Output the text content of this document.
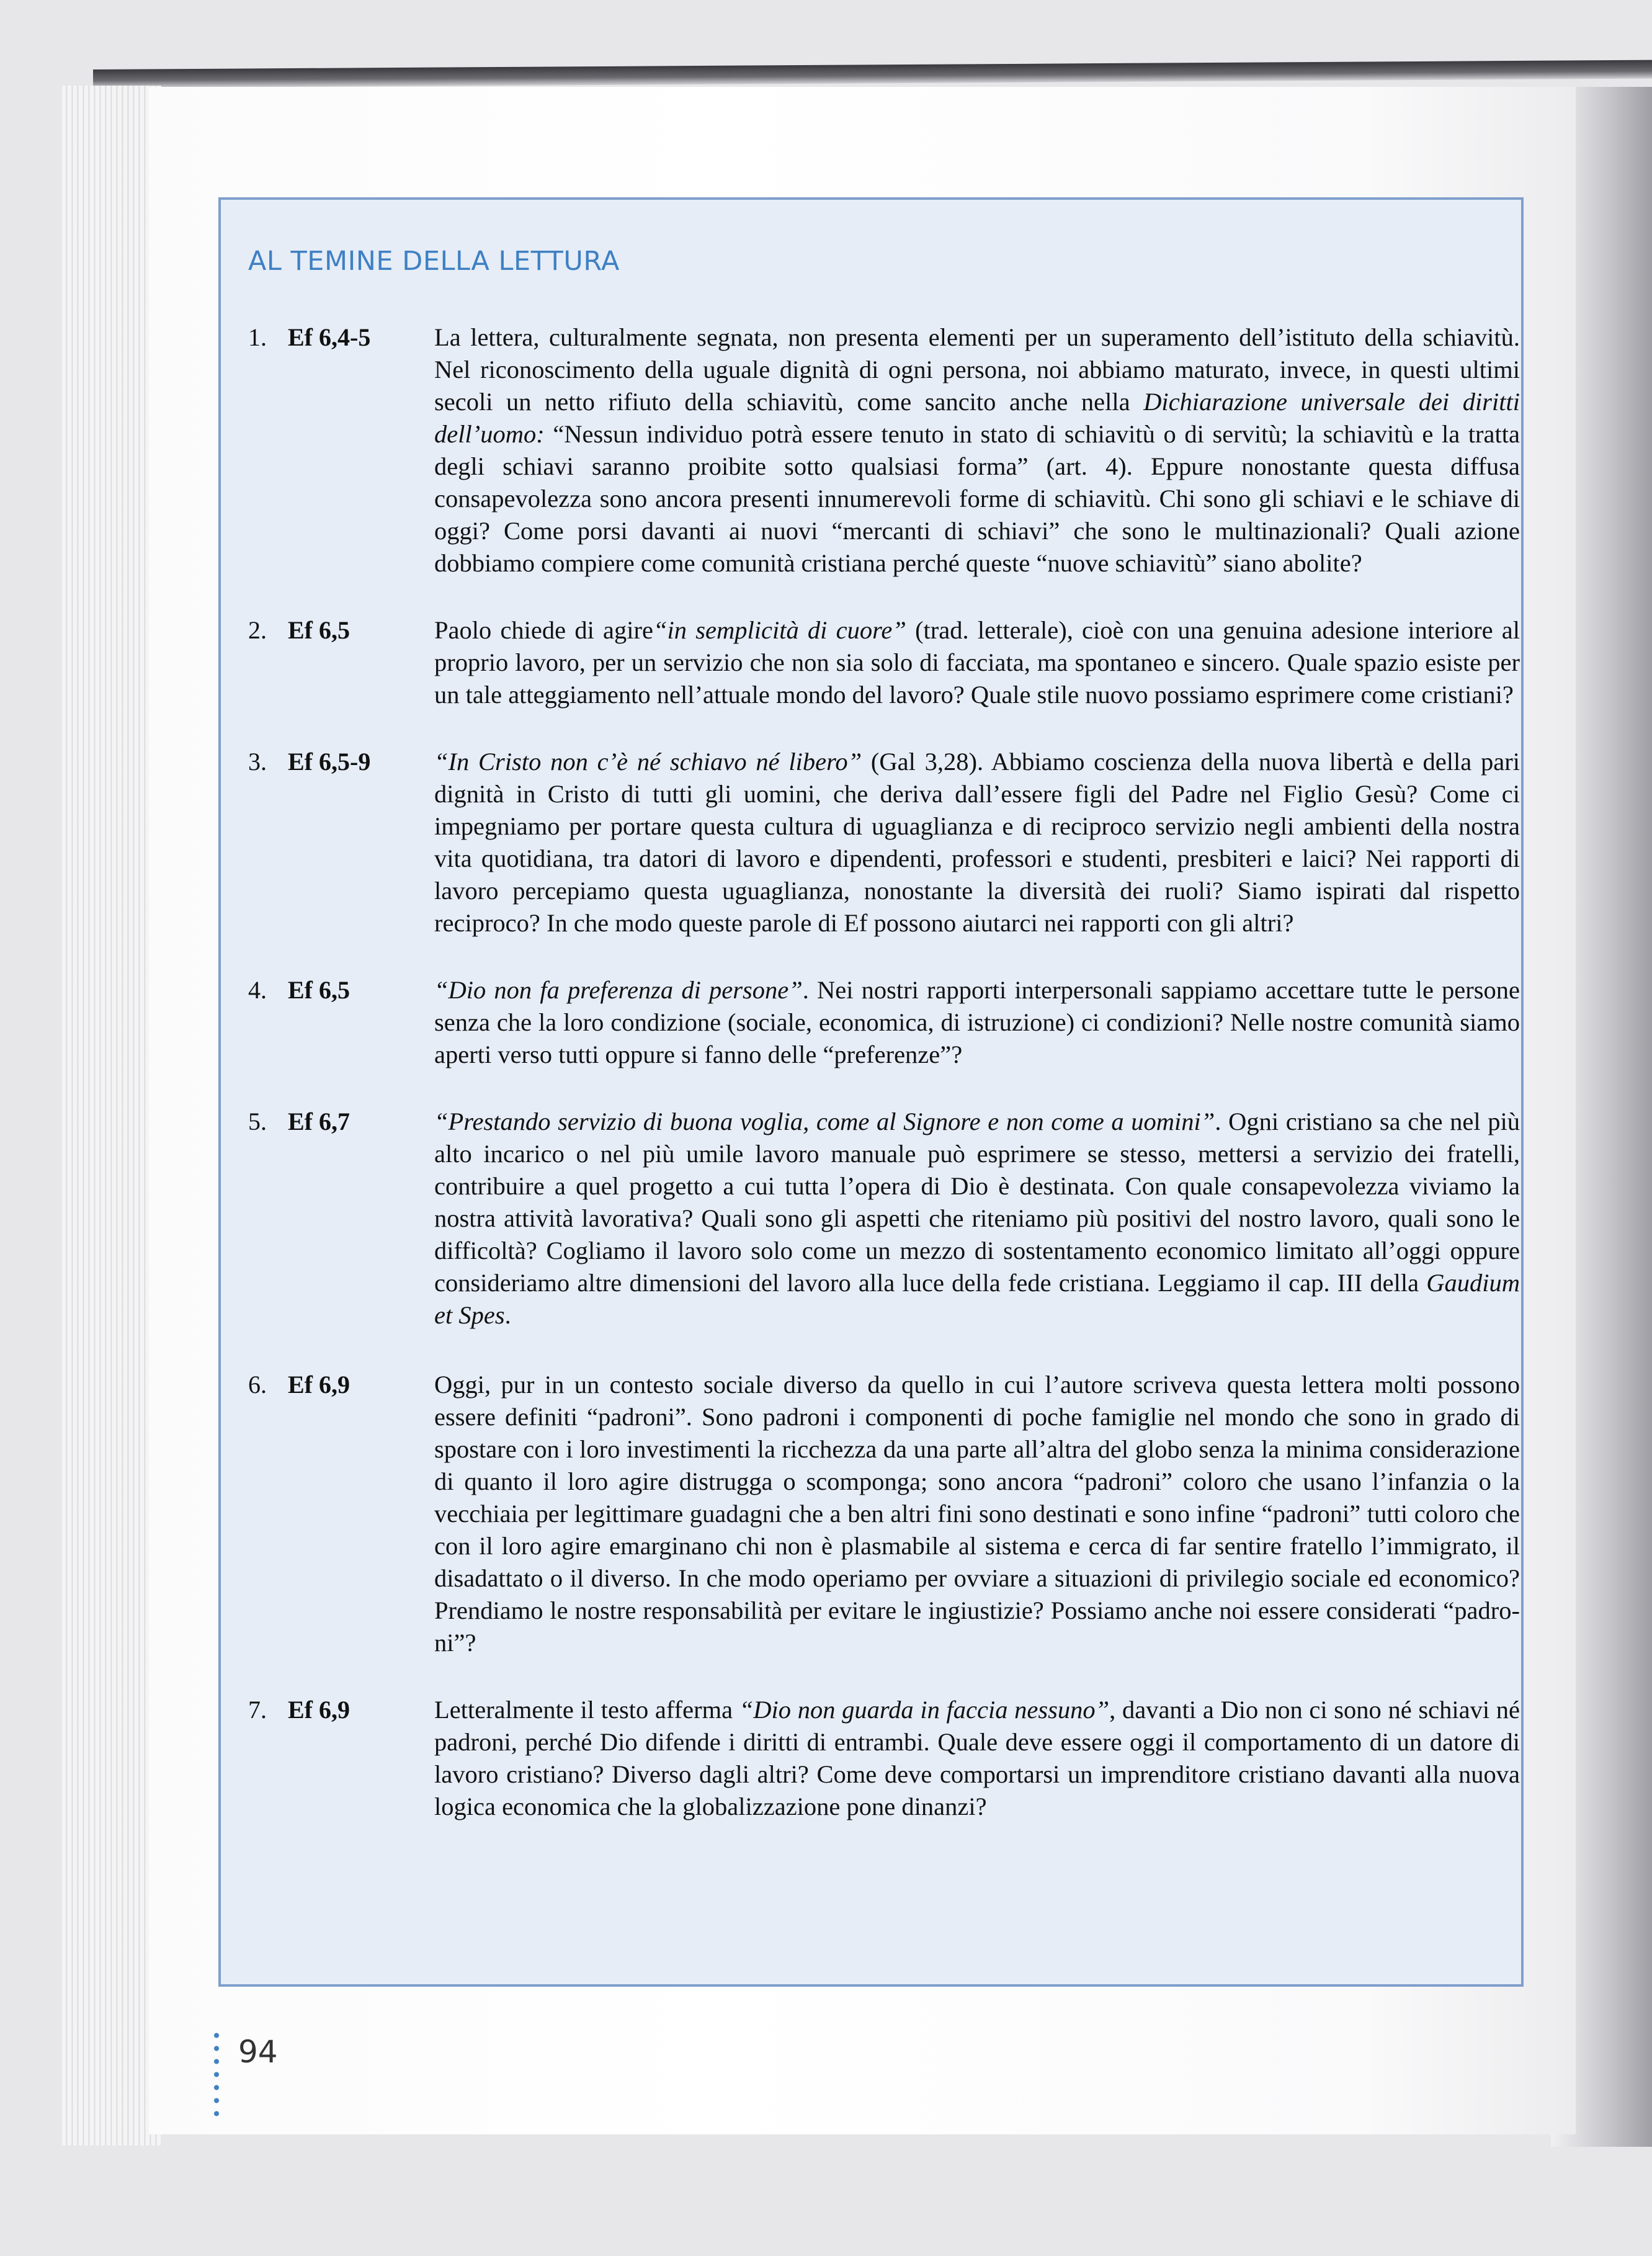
AL TEMINE DELLA LETTURA
1. Ef 6,4-5	La lettera, culturalmente segnata, non presenta elementi per un superamento dell’istituto della schiavitù. Nel riconoscimento della uguale dignità di ogni persona, noi abbiamo maturato, invece, in questi ultimi secoli un netto rifiuto della schiavitù, come sancito anche nella Dichiarazione universale dei diritti dell’uomo: “Nessun individuo potrà essere tenuto in stato di schiavitù o di servitù; la schiavitù e la tratta degli schiavi saranno proibite sotto qualsiasi forma” (art. 4). Eppure nonostante questa diffusa consapevolezza sono ancora presenti innumerevoli forme di schiavitù. Chi sono gli schiavi e le schiave di oggi? Come porsi davanti ai nuovi “mercanti di schiavi” che sono le multinazionali? Quali azione dobbiamo compiere come comunità cristiana perché queste “nuove schiavitù” siano abolite?

2. Ef 6,5	Paolo chiede di agire“in semplicità di cuore” (trad. letterale), cioè con una genuina adesione interiore al proprio lavoro, per un servizio che non sia solo di facciata, ma spontaneo e sincero. Quale spazio esiste per un tale atteggiamento nell’attuale mondo del lavoro? Quale stile nuovo possiamo esprimere come cristiani?

3. Ef 6,5-9	“In Cristo non c’è né schiavo né libero” (Gal 3,28). Abbiamo coscienza della nuova libertà e della pari dignità in Cristo di tutti gli uomini, che deriva dall’essere figli del Padre nel Figlio Gesù? Come ci impegniamo per portare questa cultura di uguaglianza e di reciproco servizio negli ambienti della nostra vita quotidiana, tra datori di lavoro e dipendenti, professori e studenti, presbiteri e laici? Nei rapporti di lavoro percepiamo questa uguaglianza, nonostante la diversità dei ruoli? Siamo ispirati dal rispetto reciproco? In che modo queste parole di Ef possono aiutarci nei rapporti con gli altri?

4. Ef 6,5	“Dio non fa preferenza di persone”. Nei nostri rapporti interpersonali sappiamo accettare tutte le persone senza che la loro condizione (sociale, economica, di istruzione) ci condizioni? Nelle nostre comunità siamo aperti verso tutti oppure si fanno delle “preferenze”?

5. Ef 6,7	“Prestando servizio di buona voglia, come al Signore e non come a uomini”. Ogni cristiano sa che nel più alto incarico o nel più umile lavoro manuale può esprimere se stesso, mettersi a servizio dei fratelli, contribuire a quel progetto a cui tutta l’opera di Dio è destinata. Con quale consapevolezza viviamo la nostra attività lavorativa? Quali sono gli aspetti che riteniamo più positivi del nostro lavoro, quali sono le difficoltà? Cogliamo il lavoro solo come un mezzo di sostentamento economico limitato all’oggi oppure consideriamo altre dimensioni del lavoro alla luce della fede cristiana. Leggiamo il cap. III della Gaudium et Spes.

6. Ef 6,9	Oggi, pur in un contesto sociale diverso da quello in cui l’autore scriveva questa lettera molti possono essere definiti “padroni”. Sono padroni i componenti di poche famiglie nel mondo che sono in grado di spostare con i loro investimenti la ricchezza da una parte all’altra del globo senza la minima considerazione di quanto il loro agire distrugga o scomponga; sono ancora “padroni” coloro che usano l’infanzia o la vecchiaia per legittimare guadagni che a ben altri fini sono destinati e sono infine “padroni” tutti coloro che con il loro agire emarginano chi non è plasmabile al sistema e cerca di far sentire fratello l’immigrato, il disadattato o il diverso. In che modo operiamo per ovviare a situazioni di privilegio sociale ed economico? Prendiamo le nostre responsabilità per evitare le ingiustizie? Possiamo anche noi essere considerati “padroni”?

7. Ef 6,9	Letteralmente il testo afferma “Dio non guarda in faccia nessuno”, davanti a Dio non ci sono né schiavi né padroni, perché Dio difende i diritti di entrambi. Quale deve essere oggi il comportamento di un datore di lavoro cristiano? Diverso dagli altri? Come deve comportarsi un imprenditore cristiano davanti alla nuova logica economica che la globalizzazione pone dinanzi?

94
